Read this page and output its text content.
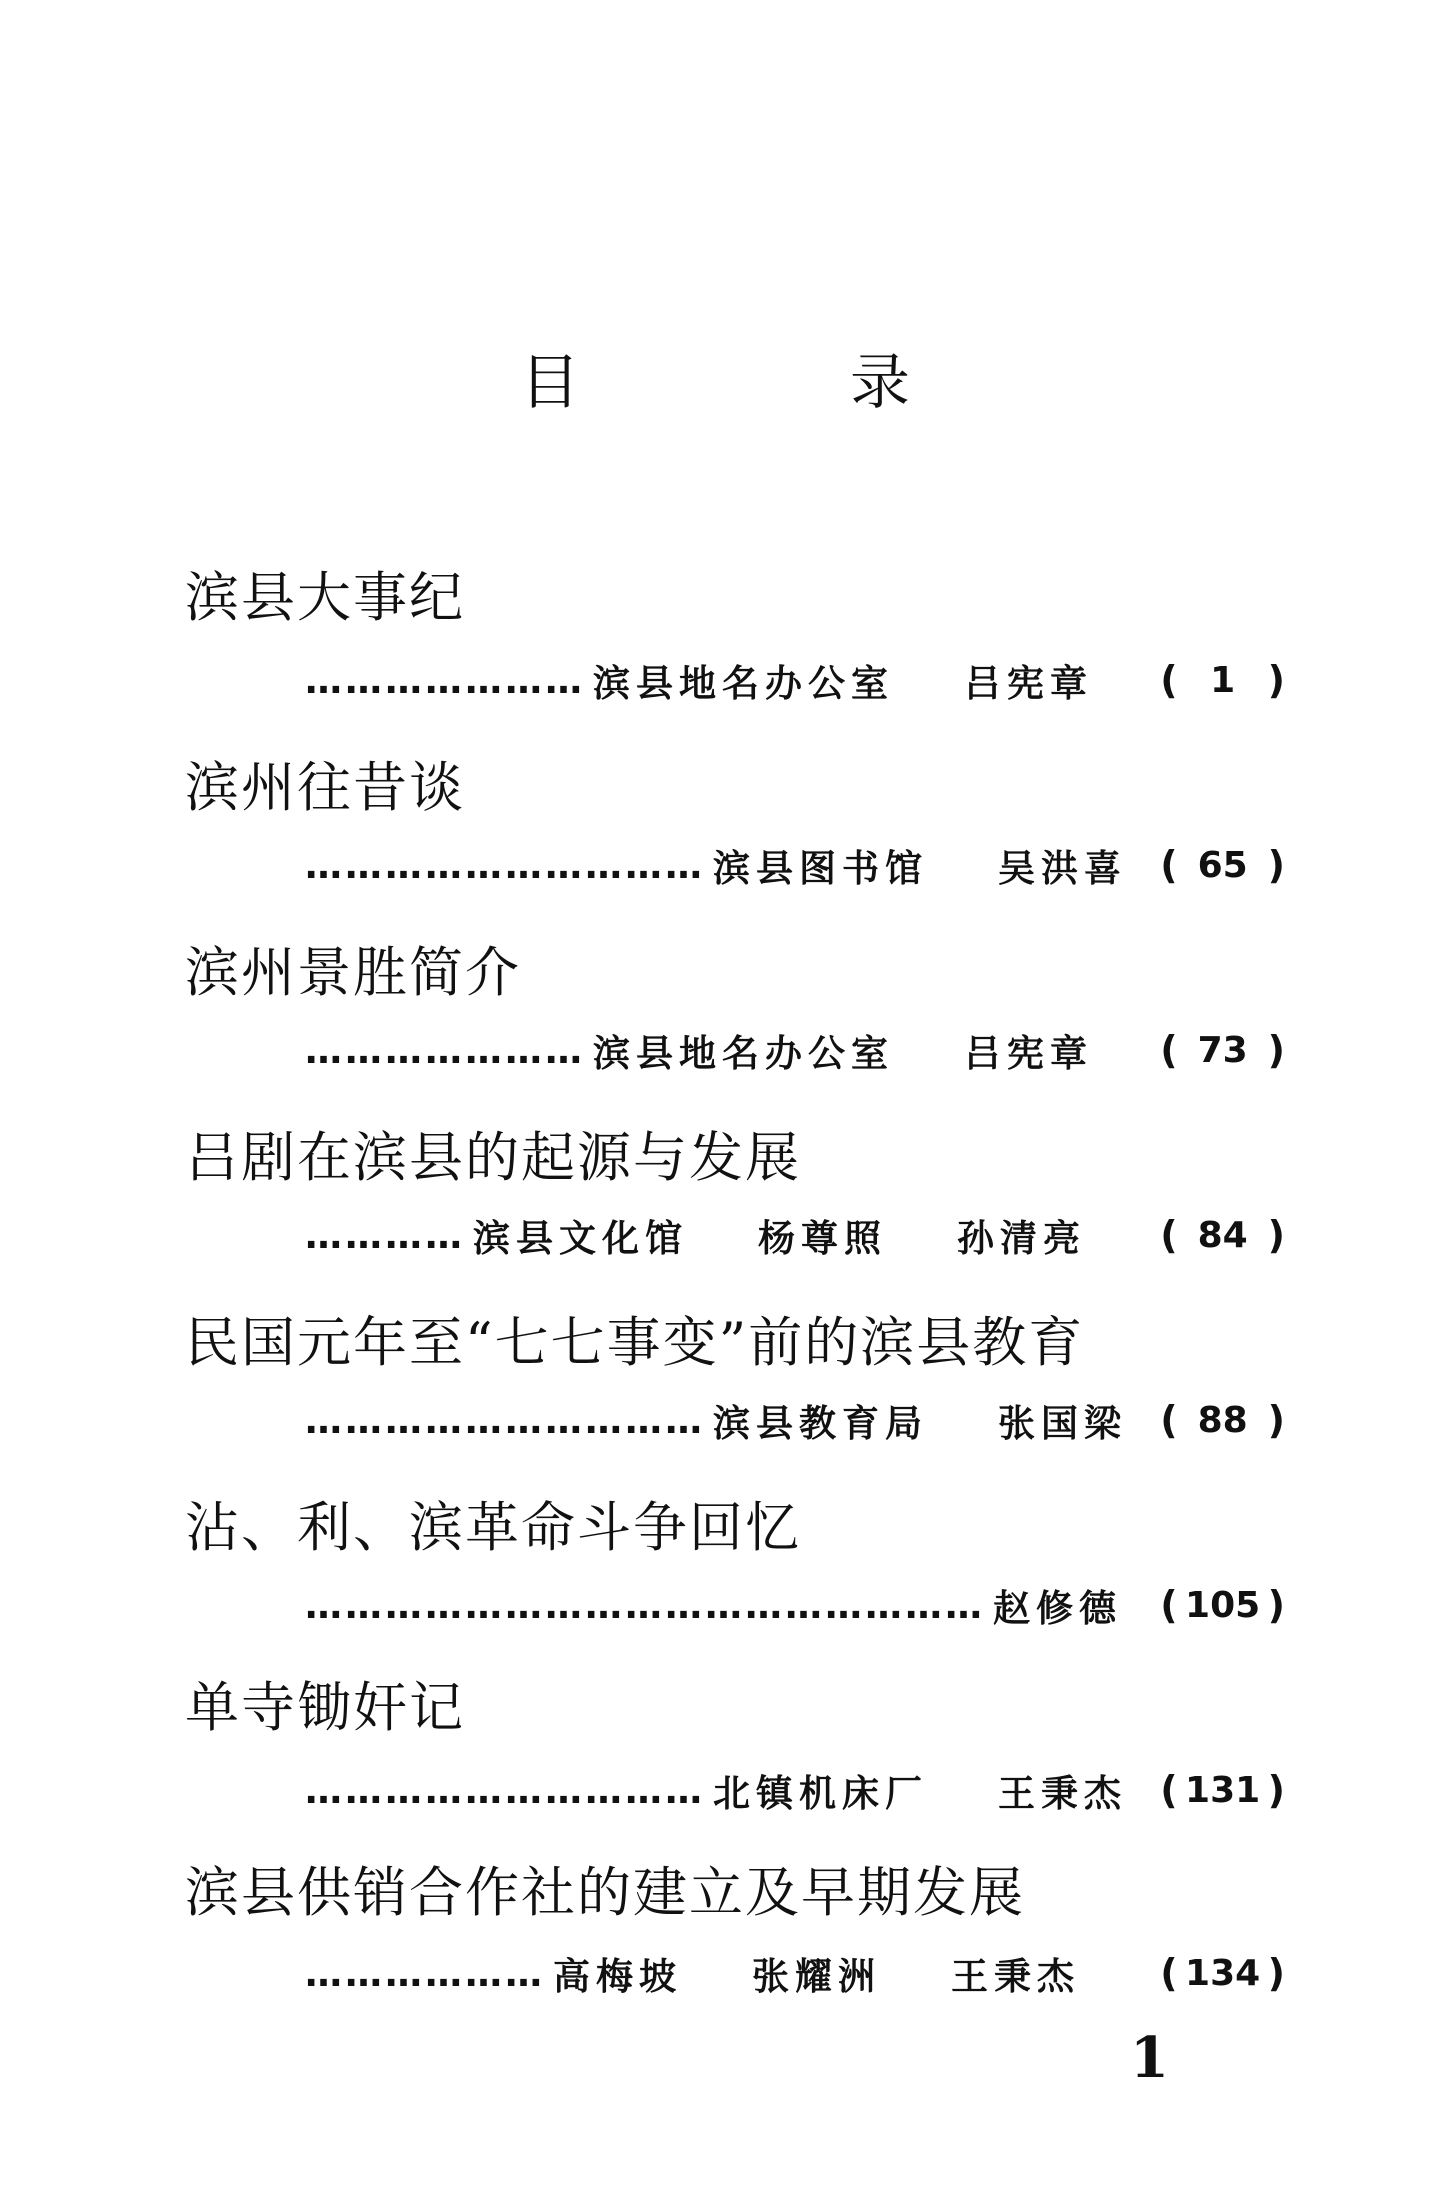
目	录
滨县大事纪
………………… 滨县地名办公室 吕宪章 ( 1 )
滨州往昔谈
………………………… 滨县图书馆 吴洪喜 ( 65 )
滨州景胜简介
………………… 滨县地名办公室 吕宪章 ( 73 )
吕剧在滨县的起源与发展
………… 滨县文化馆 杨尊照 孙清亮 ( 84 )
民国元年至“七七事变”前的滨县教育
………………………… 滨县教育局 张国梁 ( 88 )
沾、利、滨革命斗争回忆
…………………………………………… 赵修德 ( 105 )
单寺锄奸记
………………………… 北镇机床厂 王秉杰 ( 131 )
滨县供销合作社的建立及早期发展
……………… 高梅坡 张耀洲 王秉杰 ( 134 )
1
